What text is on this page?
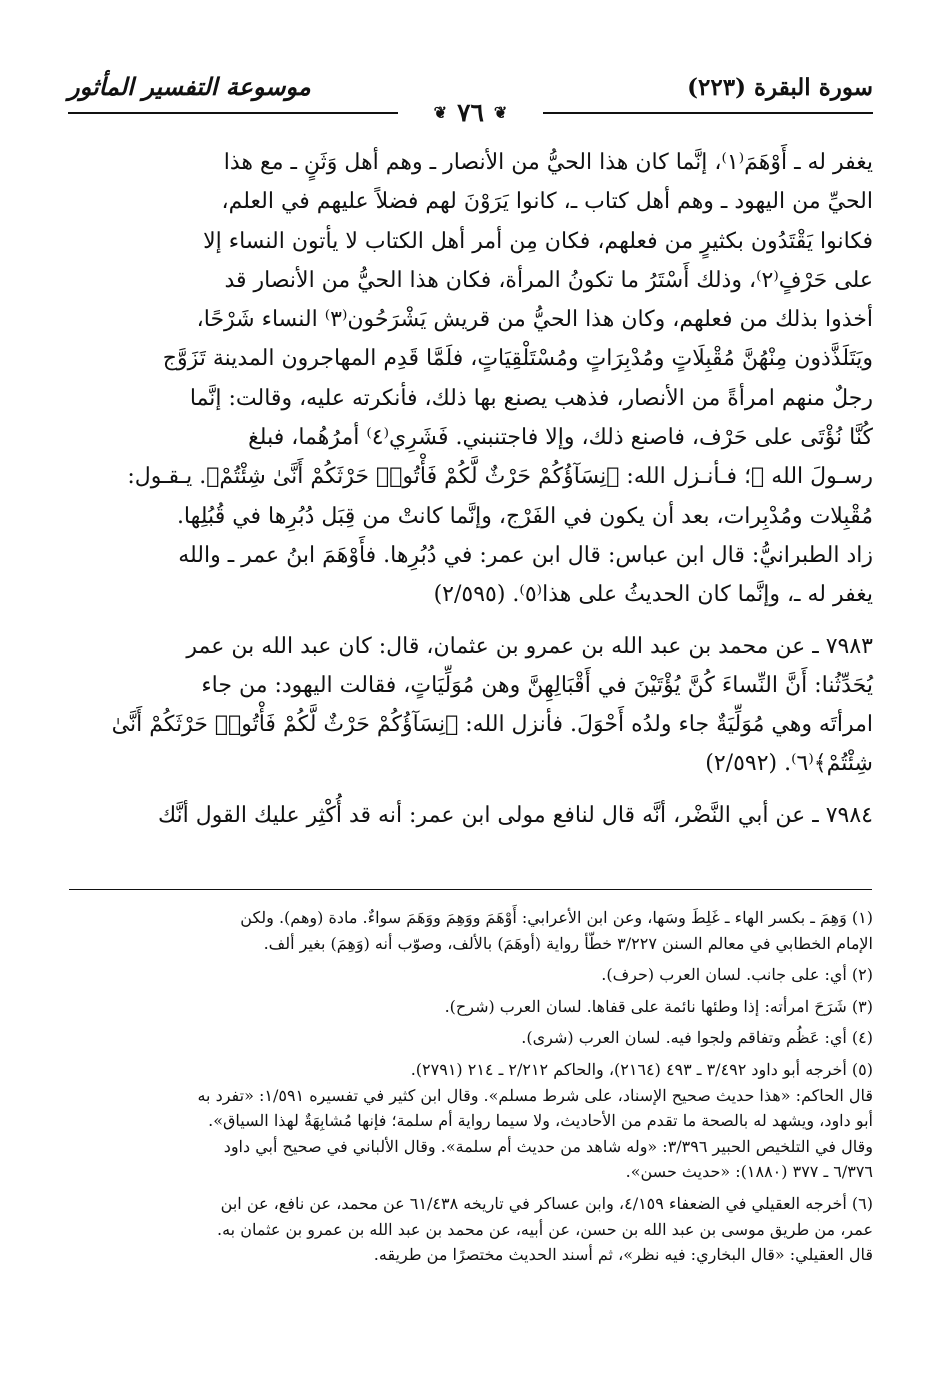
سورة البقرة (٢٢٣)
❦
٧٦
❦
موسوعة التفسير المأثور

يغفر له ـ أَوْهَمَ⁽١⁾، إنَّما كان هذا الحيُّ من الأنصار ـ وهم أهل وَثَنٍ ـ مع هذا

الحيِّ من اليهود ـ وهم أهل كتاب ـ، كانوا يَرَوْنَ لهم فضلاً عليهم في العلم،

فكانوا يَقْتَدُون بكثيرٍ من فعلهم، فكان مِن أمر أهل الكتاب لا يأتون النساء إلا

على حَرْفٍ⁽٢⁾، وذلك أَسْتَرُ ما تكونُ المرأة، فكان هذا الحيُّ من الأنصار قد

أخذوا بذلك من فعلهم، وكان هذا الحيُّ من قريش يَشْرَحُون⁽٣⁾ النساء شَرْحًا،

ويَتَلَذَّذون مِنْهُنَّ مُقْبِلَاتٍ ومُدْبِرَاتٍ ومُسْتَلْقِيَاتٍ، فلَمَّا قَدِم المهاجرون المدينة تَزَوَّج

رجلٌ منهم امرأةً من الأنصار، فذهب يصنع بها ذلك، فأنكرته عليه، وقالت: إنَّما

كُنَّا نُؤْتَى على حَرْف، فاصنع ذلك، وإلا فاجتنبني. فَشَرِي⁽٤⁾ أمرُهُما، فبلغ

رسـولَ الله ﷺ؛ فـأنـزل الله: ﴿نِسَآؤُكُمْ حَرْثٌ لَّكُمْ فَأْتُوا۟ حَرْثَكُمْ أَنَّىٰ شِئْتُمْ﴾. يـقـول:

مُقْبِلات ومُدْبِرات، بعد أن يكون في الفَرْج، وإنَّما كانتْ من قِبَل دُبُرِها في قُبُلِها.

زاد الطبرانيُّ: قال ابن عباس: قال ابن عمر: في دُبُرِها. فأَوْهَمَ ابنُ عمر ـ والله

يغفر له ـ، وإنَّما كان الحديثُ على هذا⁽٥⁾. (٢/٥٩٥)

٧٩٨٣ ـ عن محمد بن عبد الله بن عمرو بن عثمان، قال: كان عبد الله بن عمر

يُحَدِّثُنا: أَنَّ النِّساءَ كُنَّ يُؤْتَيْنَ في أَقْبَالِهِنَّ وهن مُوَلِّيَاتٍ، فقالت اليهود: من جاء

امرأتَه وهي مُوَلِّيَةٌ جاء ولدُه أَحْوَلَ. فأنزل الله: ﴿نِسَآؤُكُمْ حَرْثٌ لَّكُمْ فَأْتُوا۟ حَرْثَكُمْ أَنَّىٰ

شِئْتُمْ﴾⁽٦⁾. (٢/٥٩٢)

٧٩٨٤ ـ عن أبي النَّضْر، أنَّه قال لنافع مولى ابن عمر: أنه قد أُكْثِر عليك القول أنَّك

(١) وَهِمَ ـ بكسر الهاء ـ غَلِطَ وسَها، وعن ابن الأعرابي: أَوْهَمَ ووَهِمَ ووَهَمَ سواءٌ. مادة (وهم). ولكن

الإمام الخطابي في معالم السنن ٣/٢٢٧ خطّأ رواية (أوهَمَ) بالألف، وصوّب أنه (وَهِمَ) بغير ألف.

(٢) أي: على جانب. لسان العرب (حرف).

(٣) شَرَحَ امرأته: إذا وطئها نائمة على قفاها. لسان العرب (شرح).

(٤) أي: عَظُم وتفاقم ولجوا فيه. لسان العرب (شرى).

(٥) أخرجه أبو داود ٣/٤٩٢ ـ ٤٩٣ (٢١٦٤)، والحاكم ٢/٢١٢ ـ ٢١٤ (٢٧٩١).

قال الحاكم: «هذا حديث صحيح الإسناد، على شرط مسلم». وقال ابن كثير في تفسيره ١/٥٩١: «تفرد به

أبو داود، ويشهد له بالصحة ما تقدم من الأحاديث، ولا سيما رواية أم سلمة؛ فإنها مُشابِهَةٌ لهذا السياق».

وقال في التلخيص الحبير ٣/٣٩٦: «وله شاهد من حديث أم سلمة». وقال الألباني في صحيح أبي داود

٦/٣٧٦ ـ ٣٧٧ (١٨٨٠): «حديث حسن».

(٦) أخرجه العقيلي في الضعفاء ٤/١٥٩، وابن عساكر في تاريخه ٦١/٤٣٨ عن محمد، عن نافع، عن ابن

عمر، من طريق موسى بن عبد الله بن حسن، عن أبيه، عن محمد بن عبد الله بن عمرو بن عثمان به.

قال العقيلي: «قال البخاري: فيه نظر»، ثم أسند الحديث مختصرًا من طريقه.
